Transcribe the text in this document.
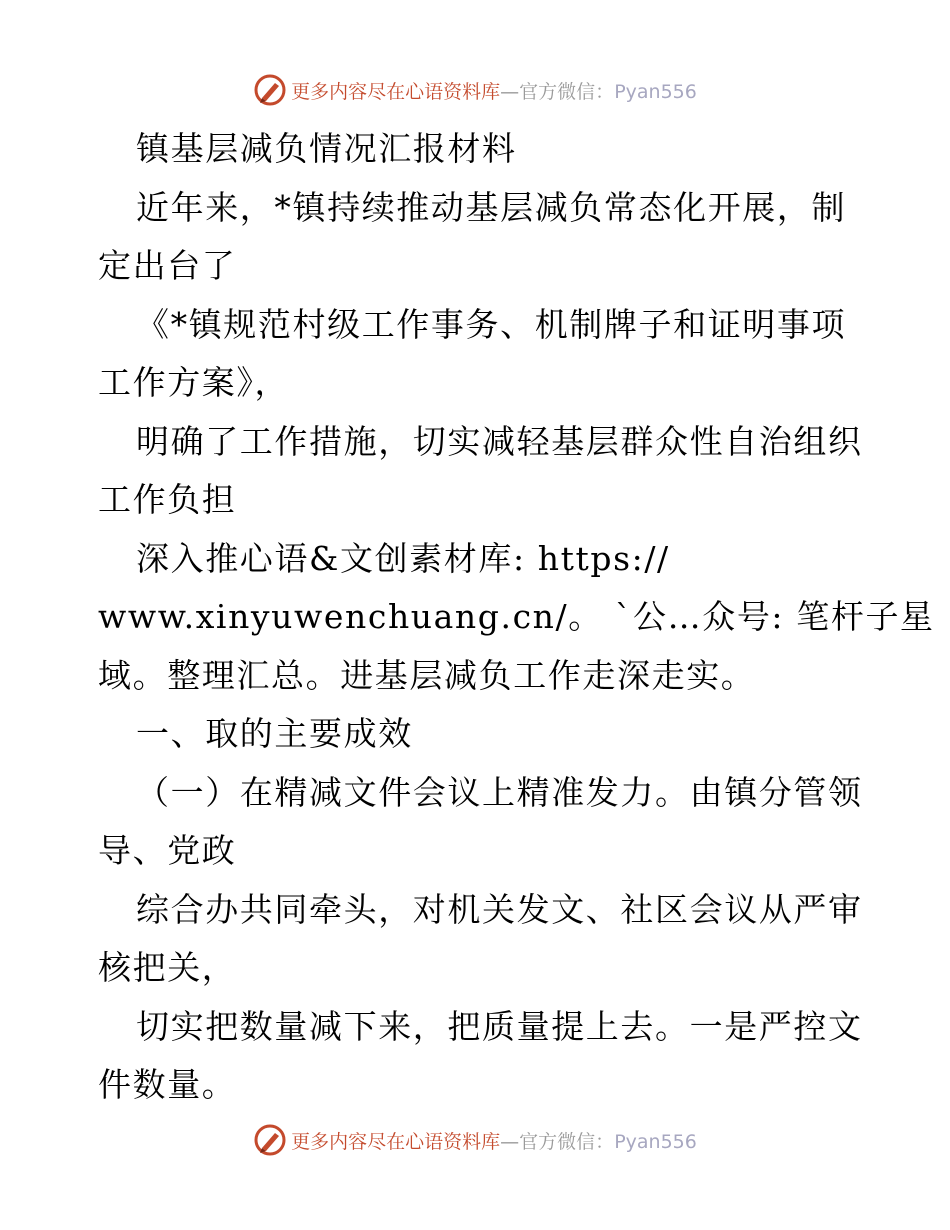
更多内容尽在心语资料库—官方微信：Pyan556
镇基层减负情况汇报材料
近年来，*镇持续推动基层减负常态化开展，制
定出台了
《*镇规范村级工作事务、机制牌子和证明事项
工作方案》，
明确了工作措施，切实减轻基层群众性自治组织
工作负担
深入推心语&文创素材库: https://
www.xinyuwenchuang.cn/。 `公…众号: 笔杆子星
域。整理汇总。进基层减负工作走深走实。
一、取的主要成效
（一）在精减文件会议上精准发力。由镇分管领
导、党政
综合办共同牵头，对机关发文、社区会议从严审
核把关，
切实把数量减下来，把质量提上去。一是严控文
件数量。
更多内容尽在心语资料库—官方微信：Pyan556
